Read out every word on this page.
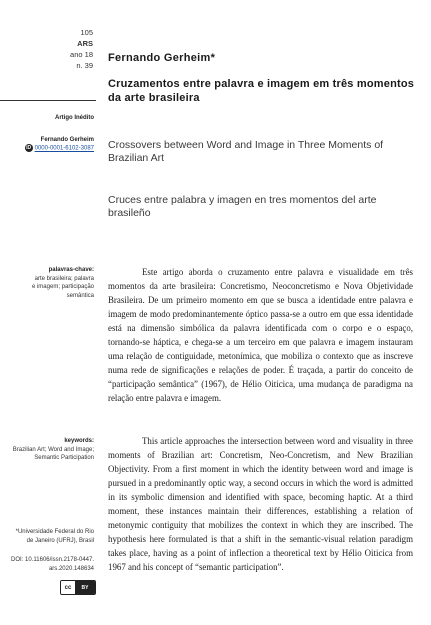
105
ARS
ano 18
n. 39
Artigo Inédito
Fernando Gerheim
iD 0000-0001-6102-3087
Fernando Gerheim*
Cruzamentos entre palavra e imagem em três momentos da arte brasileira
Crossovers between Word and Image in Three Moments of Brazilian Art
Cruces entre palabra y imagen en tres momentos del arte brasileño
palavras-chave:
arte brasileira; palavra
e imagem; participação
semântica
keywords:
Brazilian Art; Word and Image;
Semantic Participation
*Universidade Federal do Rio
de Janeiro (UFRJ), Brasil
DOI: 10.11606/issn.2178-0447.
ars.2020.148634
cc	BY

Este artigo aborda o cruzamento entre palavra e visualidade em três momentos da arte brasileira: Concretismo, Neoconcretismo e Nova Objetividade Brasileira. De um primeiro momento em que se busca a identidade entre palavra e imagem de modo predominantemente óptico passa-se a outro em que essa identidade está na dimensão simbólica da palavra identificada com o corpo e o espaço, tornando-se háptica, e chega-se a um terceiro em que palavra e imagem instauram uma relação de contiguidade, metonímica, que mobiliza o contexto que as inscreve numa rede de significações e relações de poder. É traçada, a partir do conceito de “participação semântica” (1967), de Hélio Oiticica, uma mudança de paradigma na relação entre palavra e imagem.

This article approaches the intersection between word and visuality in three moments of Brazilian art: Concretism, Neo-Concretism, and New Brazilian Objectivity. From a first moment in which the identity between word and image is pursued in a predominantly optic way, a second occurs in which the word is admitted in its symbolic dimension and identified with space, becoming haptic. At a third moment, these instances maintain their differences, establishing a relation of metonymic contiguity that mobilizes the context in which they are inscribed. The hypothesis here formulated is that a shift in the semantic-visual relation paradigm takes place, having as a point of inflection a theoretical text by Hélio Oiticica from 1967 and his concept of “semantic participation”.
